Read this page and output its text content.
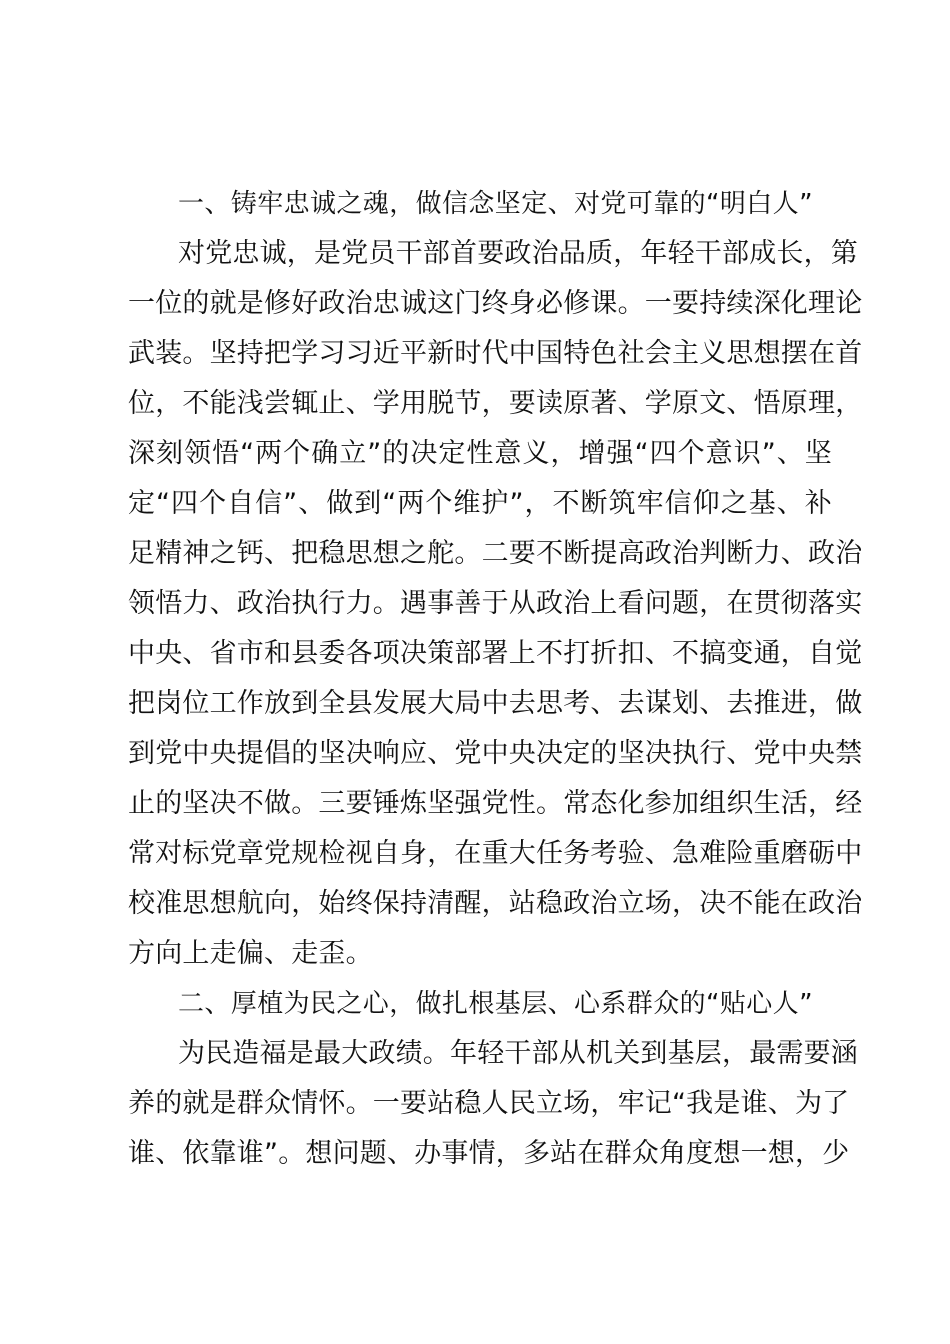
一、铸牢忠诚之魂，做信念坚定、对党可靠的“明白人”
对党忠诚，是党员干部首要政治品质，年轻干部成长，第
一位的就是修好政治忠诚这门终身必修课。一要持续深化理论
武装。坚持把学习习近平新时代中国特色社会主义思想摆在首
位，不能浅尝辄止、学用脱节，要读原著、学原文、悟原理，
深刻领悟“两个确立”的决定性意义，增强“四个意识”、坚
定“四个自信”、做到“两个维护”，不断筑牢信仰之基、补
足精神之钙、把稳思想之舵。二要不断提高政治判断力、政治
领悟力、政治执行力。遇事善于从政治上看问题，在贯彻落实
中央、省市和县委各项决策部署上不打折扣、不搞变通，自觉
把岗位工作放到全县发展大局中去思考、去谋划、去推进，做
到党中央提倡的坚决响应、党中央决定的坚决执行、党中央禁
止的坚决不做。三要锤炼坚强党性。常态化参加组织生活，经
常对标党章党规检视自身，在重大任务考验、急难险重磨砺中
校准思想航向，始终保持清醒，站稳政治立场，决不能在政治
方向上走偏、走歪。
二、厚植为民之心，做扎根基层、心系群众的“贴心人”
为民造福是最大政绩。年轻干部从机关到基层，最需要涵
养的就是群众情怀。一要站稳人民立场，牢记“我是谁、为了
谁、依靠谁”。想问题、办事情，多站在群众角度想一想，少
